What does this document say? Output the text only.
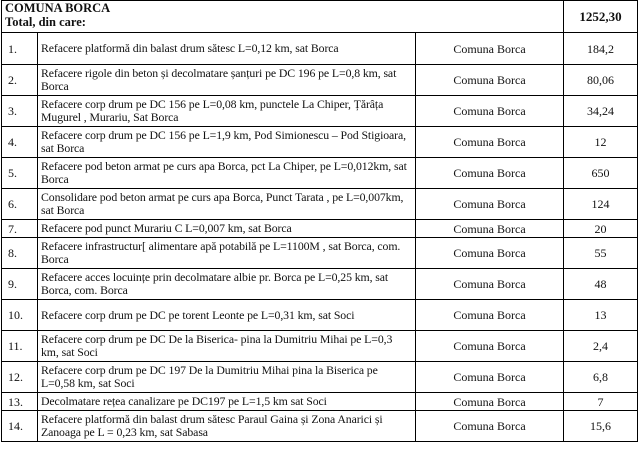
COMUNA BORCA
Total, din care:			1252,30
1.	Refacere platformă din balast drum sătesc L=0,12 km, sat Borca	Comuna Borca	184,2
2.	Refacere rigole din beton și decolmatare șanțuri pe DC 196 pe L=0,8 km, sat Borca	Comuna Borca	80,06
3.	Refacere corp drum pe DC 156 pe L=0,08 km, punctele La Chiper, Țărâța Mugurel , Murariu, Sat Borca	Comuna Borca	34,24
4.	Refacere corp drum pe DC 156 pe L=1,9 km, Pod Simionescu – Pod Stigioara, sat Borca	Comuna Borca	12
5.	Refacere pod beton armat pe curs apa Borca, pct La Chiper, pe L=0,012km, sat Borca	Comuna Borca	650
6.	Consolidare pod beton armat pe curs apa Borca, Punct Tarata , pe L=0,007km, sat Borca	Comuna Borca	124
7.	Refacere pod punct Murariu C L=0,007 km, sat Borca	Comuna Borca	20
8.	Refacere infrastructur[ alimentare apă potabilă pe L=1100M , sat Borca, com. Borca	Comuna Borca	55
9.	Refacere acces locuințe prin decolmatare albie pr. Borca pe L=0,25 km, sat Borca, com. Borca	Comuna Borca	48
10.	Refacere corp drum pe DC pe torent Leonte pe L=0,31 km, sat Soci	Comuna Borca	13
11.	Refacere corp drum pe DC De la Biserica- pina la Dumitriu Mihai pe L=0,3 km, sat Soci	Comuna Borca	2,4
12.	Refacere corp drum pe DC 197 De la Dumitriu Mihai pina la Biserica pe L=0,58 km, sat Soci	Comuna Borca	6,8
13.	Decolmatare rețea canalizare pe DC197 pe L=1,5 km sat Soci	Comuna Borca	7
14.	Refacere platformă din balast drum sătesc Paraul Gaina și Zona Anarici și Zanoaga pe L = 0,23 km, sat Sabasa	Comuna Borca	15,6
